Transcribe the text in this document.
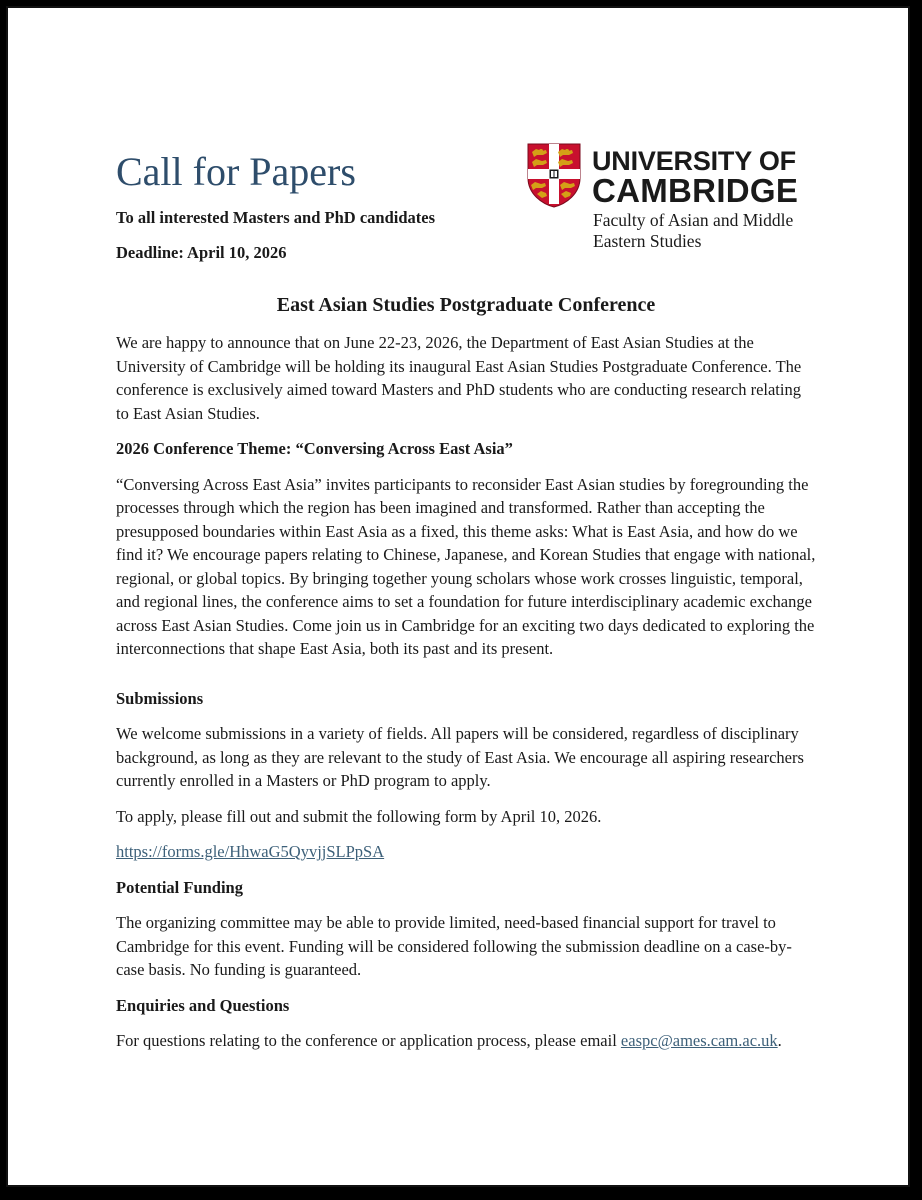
Call for Papers
To all interested Masters and PhD candidates
Deadline: April 10, 2026
UNIVERSITY OF
CAMBRIDGE
Faculty of Asian and Middle Eastern Studies
East Asian Studies Postgraduate Conference

We are happy to announce that on June 22-23, 2026, the Department of East Asian Studies at the University of Cambridge will be holding its inaugural East Asian Studies Postgraduate Conference. The conference is exclusively aimed toward Masters and PhD students who are conducting research relating to East Asian Studies.

2026 Conference Theme: “Conversing Across East Asia”

“Conversing Across East Asia” invites participants to reconsider East Asian studies by foregrounding the processes through which the region has been imagined and transformed. Rather than accepting the presupposed boundaries within East Asia as a fixed, this theme asks: What is East Asia, and how do we find it? We encourage papers relating to Chinese, Japanese, and Korean Studies that engage with national, regional, or global topics. By bringing together young scholars whose work crosses linguistic, temporal, and regional lines, the conference aims to set a foundation for future interdisciplinary academic exchange across East Asian Studies. Come join us in Cambridge for an exciting two days dedicated to exploring the interconnections that shape East Asia, both its past and its present.

Submissions

We welcome submissions in a variety of fields. All papers will be considered, regardless of disciplinary background, as long as they are relevant to the study of East Asia. We encourage all aspiring researchers currently enrolled in a Masters or PhD program to apply.

To apply, please fill out and submit the following form by April 10, 2026.

https://forms.gle/HhwaG5QyvjjSLPpSA

Potential Funding

The organizing committee may be able to provide limited, need-based financial support for travel to Cambridge for this event. Funding will be considered following the submission deadline on a case-by-case basis. No funding is guaranteed.

Enquiries and Questions

For questions relating to the conference or application process, please email easpc@ames.cam.ac.uk.
